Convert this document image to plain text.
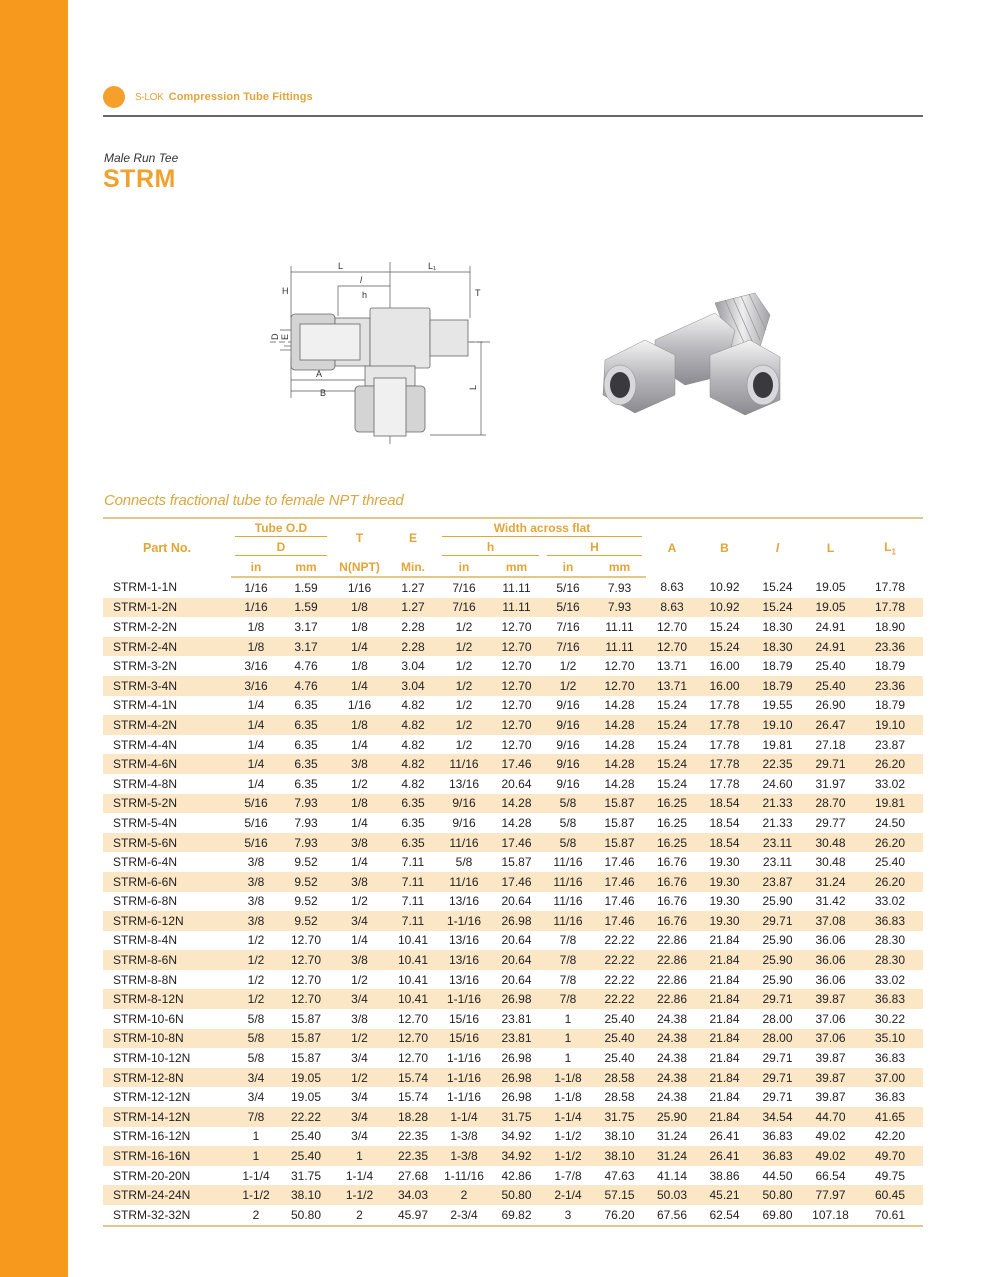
S-LOK Compression Tube Fittings
Male Run Tee
STRM
L	L₁
l
H	h	T
D E
A
B
L
Connects fractional tube to female NPT thread
Part No.	Tube O.D		T	E	Width across flat				A	B	l	L	$L_1$

	D				h		H						

	in	mm	N(NPT)	Min.	in	mm	in	mm					
STRM-1-1N	1/16	1.59	1/16	1.27	7/16	11.11	5/16	7.93	8.63	10.92	15.24	19.05	17.78
STRM-1-2N	1/16	1.59	1/8	1.27	7/16	11.11	5/16	7.93	8.63	10.92	15.24	19.05	17.78
STRM-2-2N	1/8	3.17	1/8	2.28	1/2	12.70	7/16	11.11	12.70	15.24	18.30	24.91	18.90
STRM-2-4N	1/8	3.17	1/4	2.28	1/2	12.70	7/16	11.11	12.70	15.24	18.30	24.91	23.36
STRM-3-2N	3/16	4.76	1/8	3.04	1/2	12.70	1/2	12.70	13.71	16.00	18.79	25.40	18.79
STRM-3-4N	3/16	4.76	1/4	3.04	1/2	12.70	1/2	12.70	13.71	16.00	18.79	25.40	23.36
STRM-4-1N	1/4	6.35	1/16	4.82	1/2	12.70	9/16	14.28	15.24	17.78	19.55	26.90	18.79
STRM-4-2N	1/4	6.35	1/8	4.82	1/2	12.70	9/16	14.28	15.24	17.78	19.10	26.47	19.10
STRM-4-4N	1/4	6.35	1/4	4.82	1/2	12.70	9/16	14.28	15.24	17.78	19.81	27.18	23.87
STRM-4-6N	1/4	6.35	3/8	4.82	11/16	17.46	9/16	14.28	15.24	17.78	22.35	29.71	26.20
STRM-4-8N	1/4	6.35	1/2	4.82	13/16	20.64	9/16	14.28	15.24	17.78	24.60	31.97	33.02
STRM-5-2N	5/16	7.93	1/8	6.35	9/16	14.28	5/8	15.87	16.25	18.54	21.33	28.70	19.81
STRM-5-4N	5/16	7.93	1/4	6.35	9/16	14.28	5/8	15.87	16.25	18.54	21.33	29.77	24.50
STRM-5-6N	5/16	7.93	3/8	6.35	11/16	17.46	5/8	15.87	16.25	18.54	23.11	30.48	26.20
STRM-6-4N	3/8	9.52	1/4	7.11	5/8	15.87	11/16	17.46	16.76	19.30	23.11	30.48	25.40
STRM-6-6N	3/8	9.52	3/8	7.11	11/16	17.46	11/16	17.46	16.76	19.30	23.87	31.24	26.20
STRM-6-8N	3/8	9.52	1/2	7.11	13/16	20.64	11/16	17.46	16.76	19.30	25.90	31.42	33.02
STRM-6-12N	3/8	9.52	3/4	7.11	1-1/16	26.98	11/16	17.46	16.76	19.30	29.71	37.08	36.83
STRM-8-4N	1/2	12.70	1/4	10.41	13/16	20.64	7/8	22.22	22.86	21.84	25.90	36.06	28.30
STRM-8-6N	1/2	12.70	3/8	10.41	13/16	20.64	7/8	22.22	22.86	21.84	25.90	36.06	28.30
STRM-8-8N	1/2	12.70	1/2	10.41	13/16	20.64	7/8	22.22	22.86	21.84	25.90	36.06	33.02
STRM-8-12N	1/2	12.70	3/4	10.41	1-1/16	26.98	7/8	22.22	22.86	21.84	29.71	39.87	36.83
STRM-10-6N	5/8	15.87	3/8	12.70	15/16	23.81	1	25.40	24.38	21.84	28.00	37.06	30.22
STRM-10-8N	5/8	15.87	1/2	12.70	15/16	23.81	1	25.40	24.38	21.84	28.00	37.06	35.10
STRM-10-12N	5/8	15.87	3/4	12.70	1-1/16	26.98	1	25.40	24.38	21.84	29.71	39.87	36.83
STRM-12-8N	3/4	19.05	1/2	15.74	1-1/16	26.98	1-1/8	28.58	24.38	21.84	29.71	39.87	37.00
STRM-12-12N	3/4	19.05	3/4	15.74	1-1/16	26.98	1-1/8	28.58	24.38	21.84	29.71	39.87	36.83
STRM-14-12N	7/8	22.22	3/4	18.28	1-1/4	31.75	1-1/4	31.75	25.90	21.84	34.54	44.70	41.65
STRM-16-12N	1	25.40	3/4	22.35	1-3/8	34.92	1-1/2	38.10	31.24	26.41	36.83	49.02	42.20
STRM-16-16N	1	25.40	1	22.35	1-3/8	34.92	1-1/2	38.10	31.24	26.41	36.83	49.02	49.70
STRM-20-20N	1-1/4	31.75	1-1/4	27.68	1-11/16	42.86	1-7/8	47.63	41.14	38.86	44.50	66.54	49.75
STRM-24-24N	1-1/2	38.10	1-1/2	34.03	2	50.80	2-1/4	57.15	50.03	45.21	50.80	77.97	60.45
STRM-32-32N	2	50.80	2	45.97	2-3/4	69.82	3	76.20	67.56	62.54	69.80	107.18	70.61
